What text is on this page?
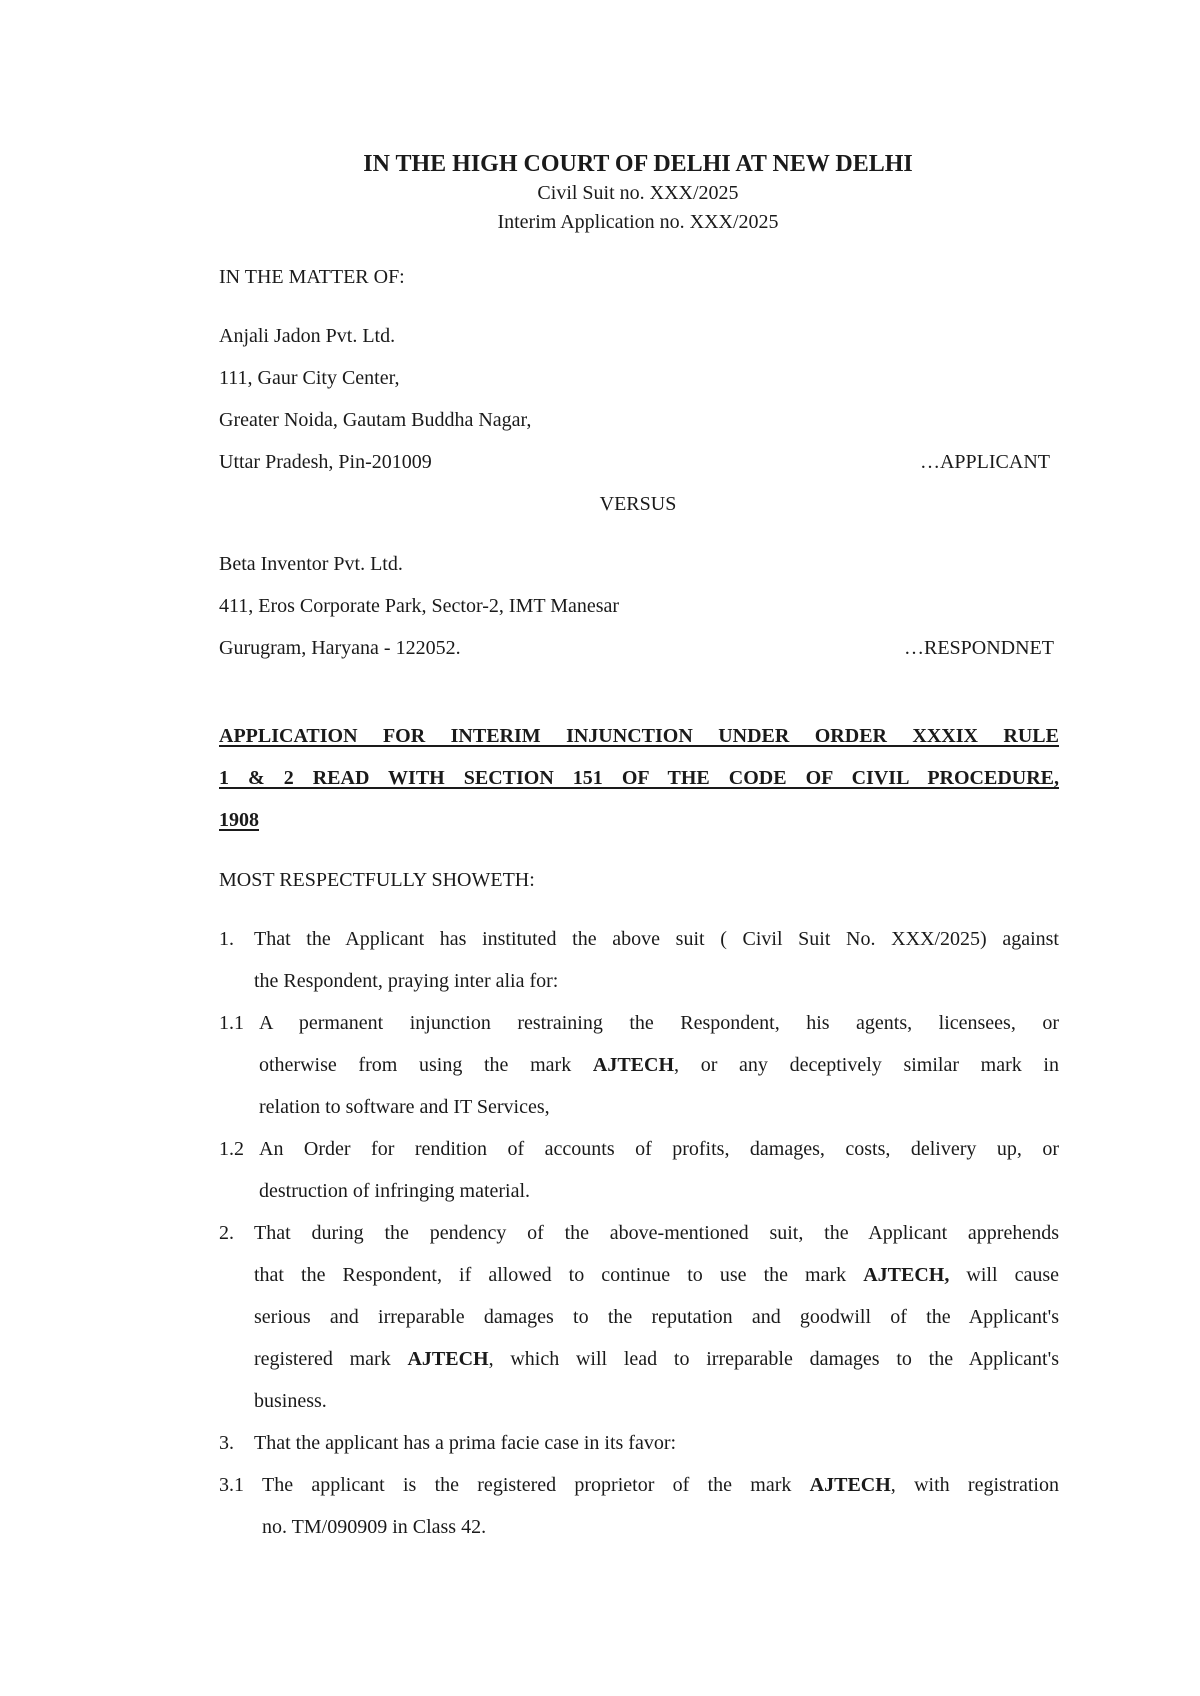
IN THE HIGH COURT OF DELHI AT NEW DELHI
Civil Suit no. XXX/2025
Interim Application no. XXX/2025
IN THE MATTER OF:
Anjali Jadon Pvt. Ltd.
111, Gaur City Center,
Greater Noida, Gautam Buddha Nagar,
Uttar Pradesh, Pin-201009	…APPLICANT
VERSUS
Beta Inventor Pvt. Ltd.
411, Eros Corporate Park, Sector-2, IMT Manesar
Gurugram, Haryana - 122052.	…RESPONDNET
APPLICATION FOR INTERIM INJUNCTION UNDER ORDER XXXIX RULE
1 & 2 READ WITH SECTION 151 OF THE CODE OF CIVIL PROCEDURE,
1908
MOST RESPECTFULLY SHOWETH:
1. That the Applicant has instituted the above suit ( Civil Suit No. XXX/2025) against
the Respondent, praying inter alia for:
1.1 A permanent injunction restraining the Respondent, his agents, licensees, or
otherwise from using the mark AJTECH, or any deceptively similar mark in
relation to software and IT Services,
1.2 An Order for rendition of accounts of profits, damages, costs, delivery up, or
destruction of infringing material.
2. That during the pendency of the above-mentioned suit, the Applicant apprehends
that the Respondent, if allowed to continue to use the mark AJTECH, will cause
serious and irreparable damages to the reputation and goodwill of the Applicant's
registered mark AJTECH, which will lead to irreparable damages to the Applicant's
business.
3. That the applicant has a prima facie case in its favor:
3.1 The applicant is the registered proprietor of the mark AJTECH, with registration
no. TM/090909 in Class 42.
